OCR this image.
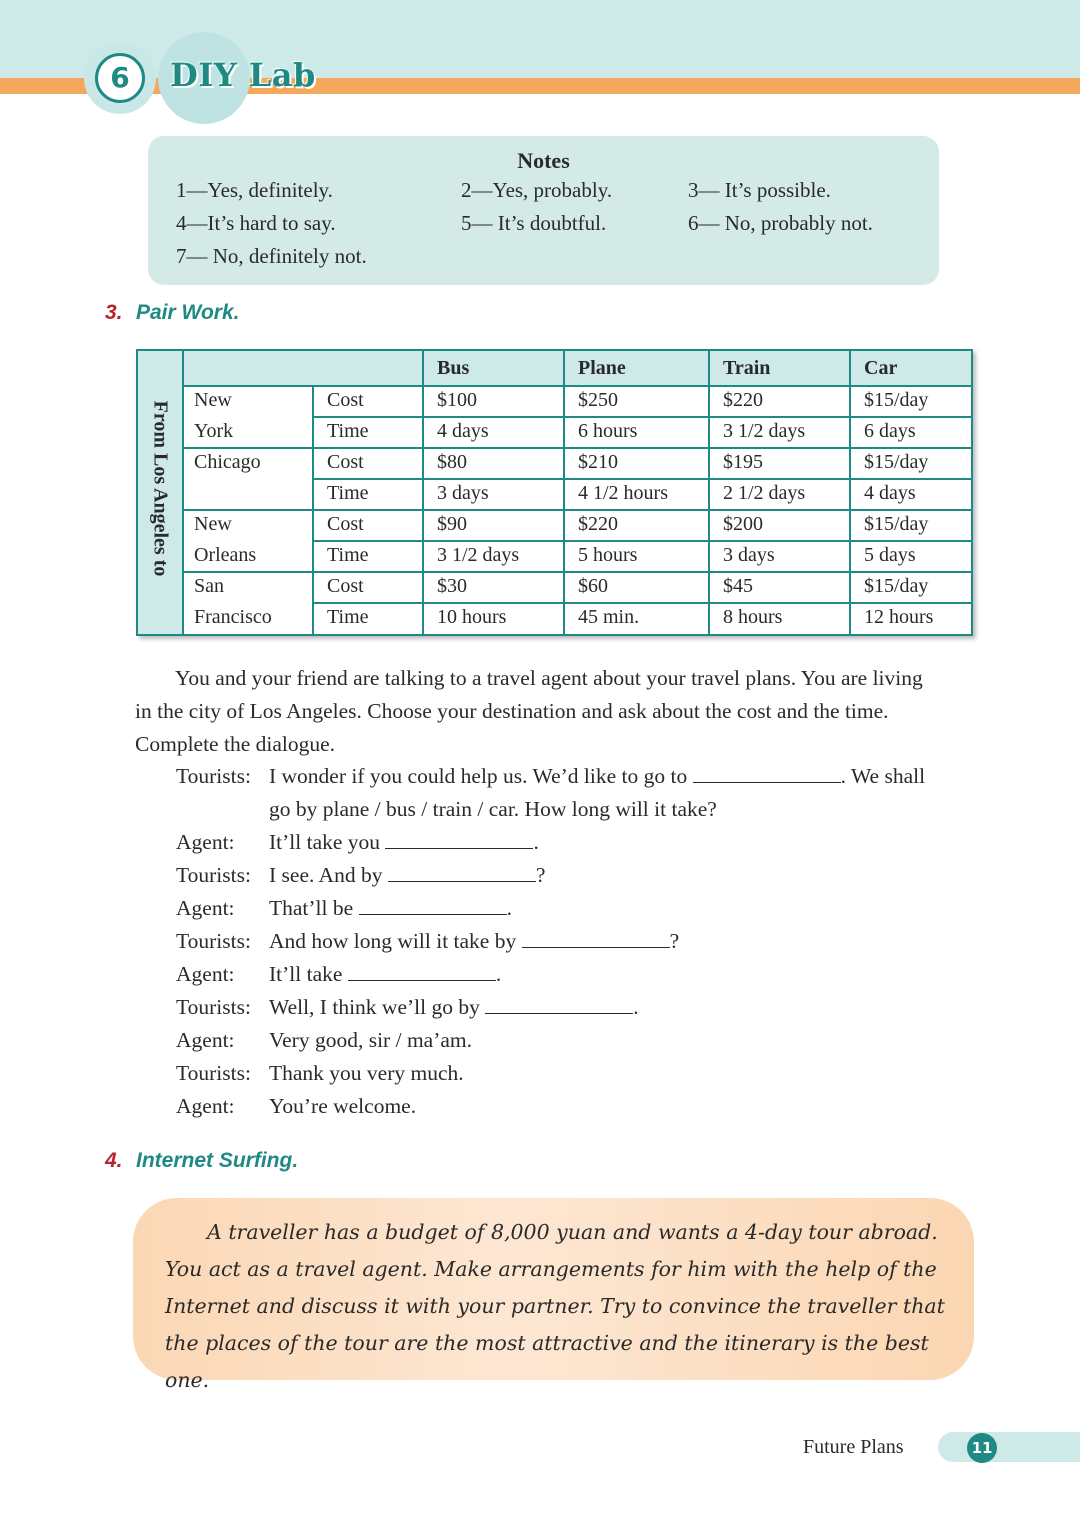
6	DIY Lab
Notes
1—Yes, definitely.	2—Yes, probably.	3— It’s possible.
4—It’s hard to say.	5— It’s doubtful.	6— No, probably not.
7— No, definitely not.
3. Pair Work.
From Los Angeles to
Bus	Plane	Train	Car
New	Cost	$100	$250	$220	$15/day
York	Time	4 days	6 hours	3 1/2 days	6 days
Chicago	Cost	$80	$210	$195	$15/day
Time	3 days	4 1/2 hours	2 1/2 days	4 days
New	Cost	$90	$220	$200	$15/day
Orleans	Time	3 1/2 days	5 hours	3 days	5 days
San	Cost	$30	$60	$45	$15/day
Francisco	Time	10 hours	45 min.	8 hours	12 hours
You and your friend are talking to a travel agent about your travel plans. You are living
in the city of Los Angeles. Choose your destination and ask about the cost and the time.
Complete the dialogue.
Tourists: I wonder if you could help us. We’d like to go to	. We shall
go by plane / bus / train / car. How long will it take?
Agent: It’ll take you	.
Tourists: I see. And by	?
Agent: That’ll be	.
Tourists: And how long will it take by	?
Agent: It’ll take	.
Tourists: Well, I think we’ll go by	.
Agent: Very good, sir / ma’am.
Tourists: Thank you very much.
Agent: You’re welcome.
4. Internet Surfing.
A traveller has a budget of 8,000 yuan and wants a 4-day tour abroad. You act as a travel agent. Make arrangements for him with the help of the Internet and discuss it with your partner. Try to convince the traveller that the places of the tour are the most attractive and the itinerary is the best one.
Future Plans	11
